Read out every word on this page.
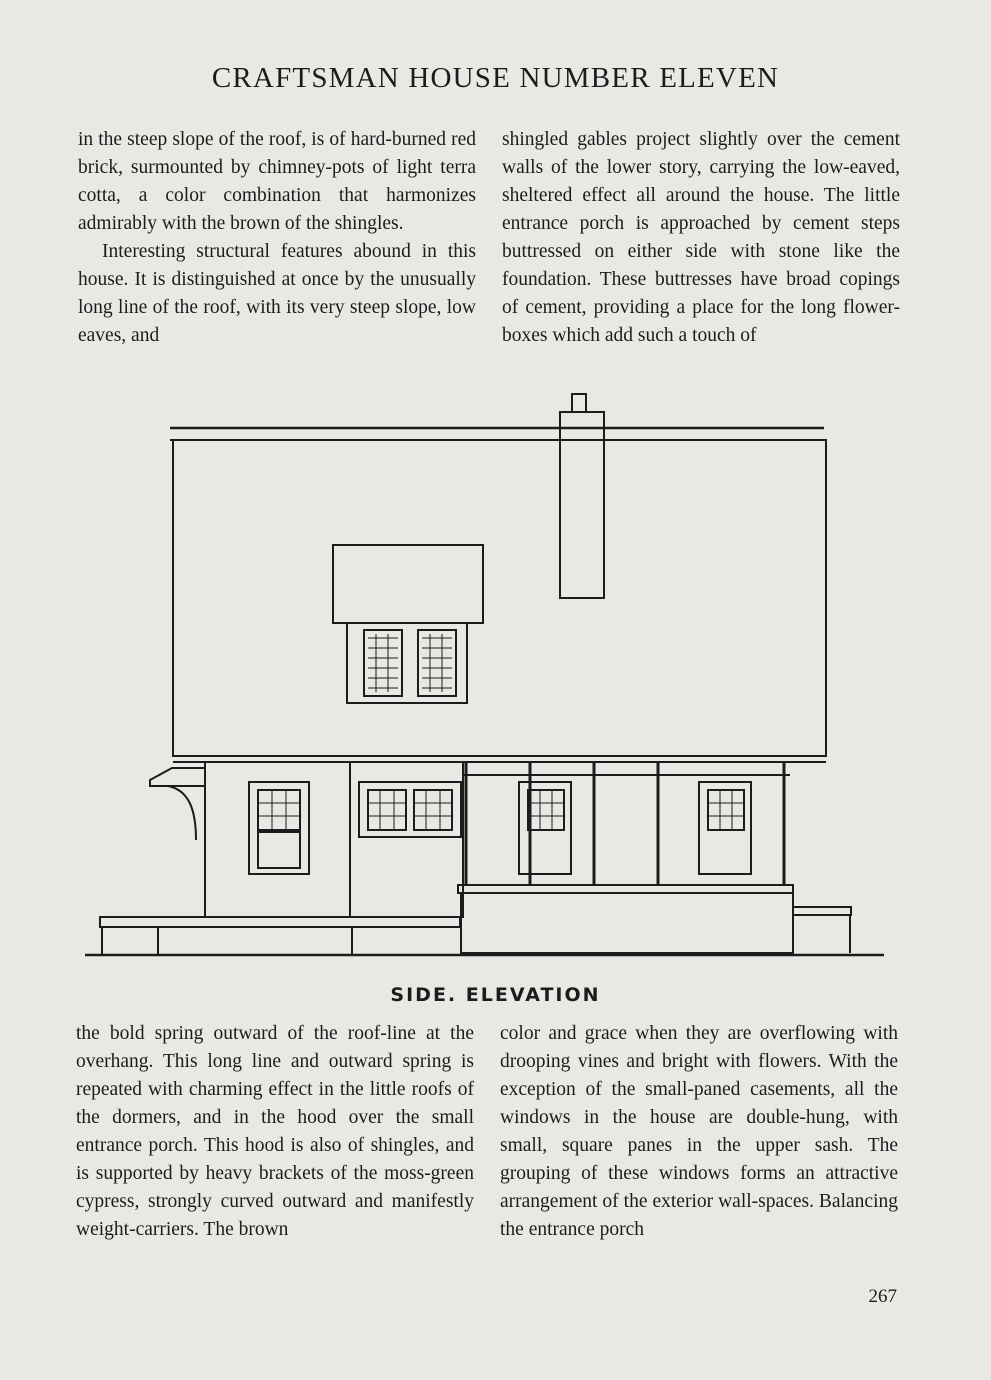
CRAFTSMAN HOUSE NUMBER ELEVEN

in the steep slope of the roof, is of hard-burned red brick, surmounted by chimney-pots of light terra cotta, a color combination that harmonizes admirably with the brown of the shingles.

Interesting structural features abound in this house. It is distinguished at once by the unusually long line of the roof, with its very steep slope, low eaves, and

shingled gables project slightly over the cement walls of the lower story, carrying the low-eaved, sheltered effect all around the house. The little entrance porch is approached by cement steps buttressed on either side with stone like the foundation. These buttresses have broad copings of cement, providing a place for the long flower-boxes which add such a touch of

SIDE. ELEVATION

the bold spring outward of the roof-line at the overhang. This long line and outward spring is repeated with charming effect in the little roofs of the dormers, and in the hood over the small entrance porch. This hood is also of shingles, and is supported by heavy brackets of the moss-green cypress, strongly curved outward and manifestly weight-carriers. The brown

color and grace when they are overflowing with drooping vines and bright with flowers. With the exception of the small-paned casements, all the windows in the house are double-hung, with small, square panes in the upper sash. The grouping of these windows forms an attractive arrangement of the exterior wall-spaces. Balancing the entrance porch

267
